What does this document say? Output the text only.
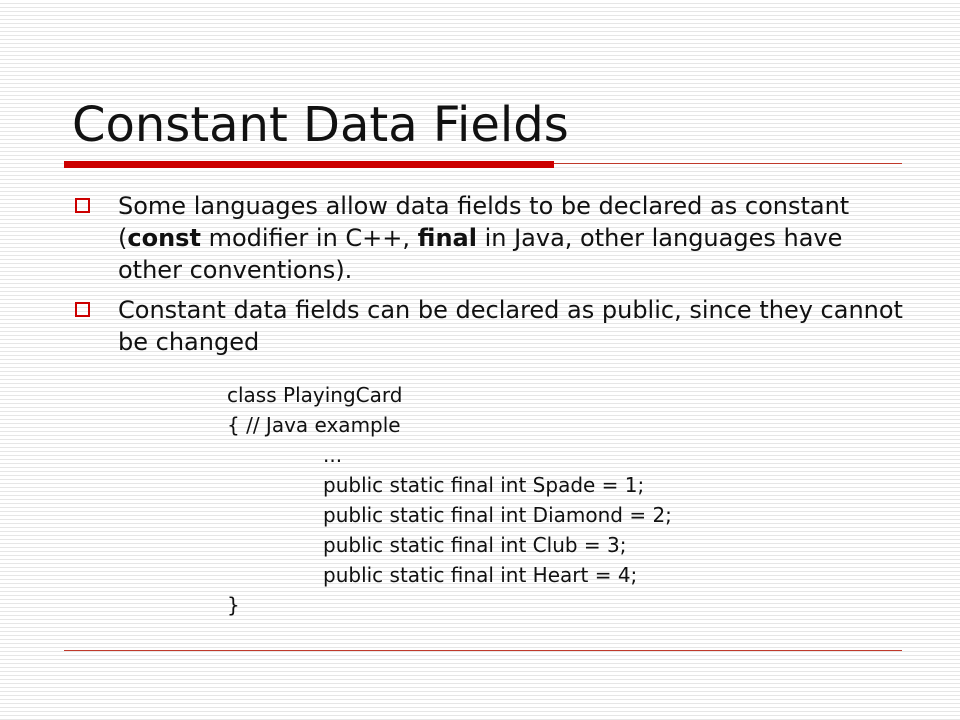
Constant Data Fields
Some languages allow data fields to be declared as constant (const modifier in C++, final in Java, other languages have other conventions).
Constant data fields can be declared as public, since they cannot be changed
class PlayingCard
{ // Java example
...
public static final int Spade = 1;
public static final int Diamond = 2;
public static final int Club = 3;
public static final int Heart = 4;
}
